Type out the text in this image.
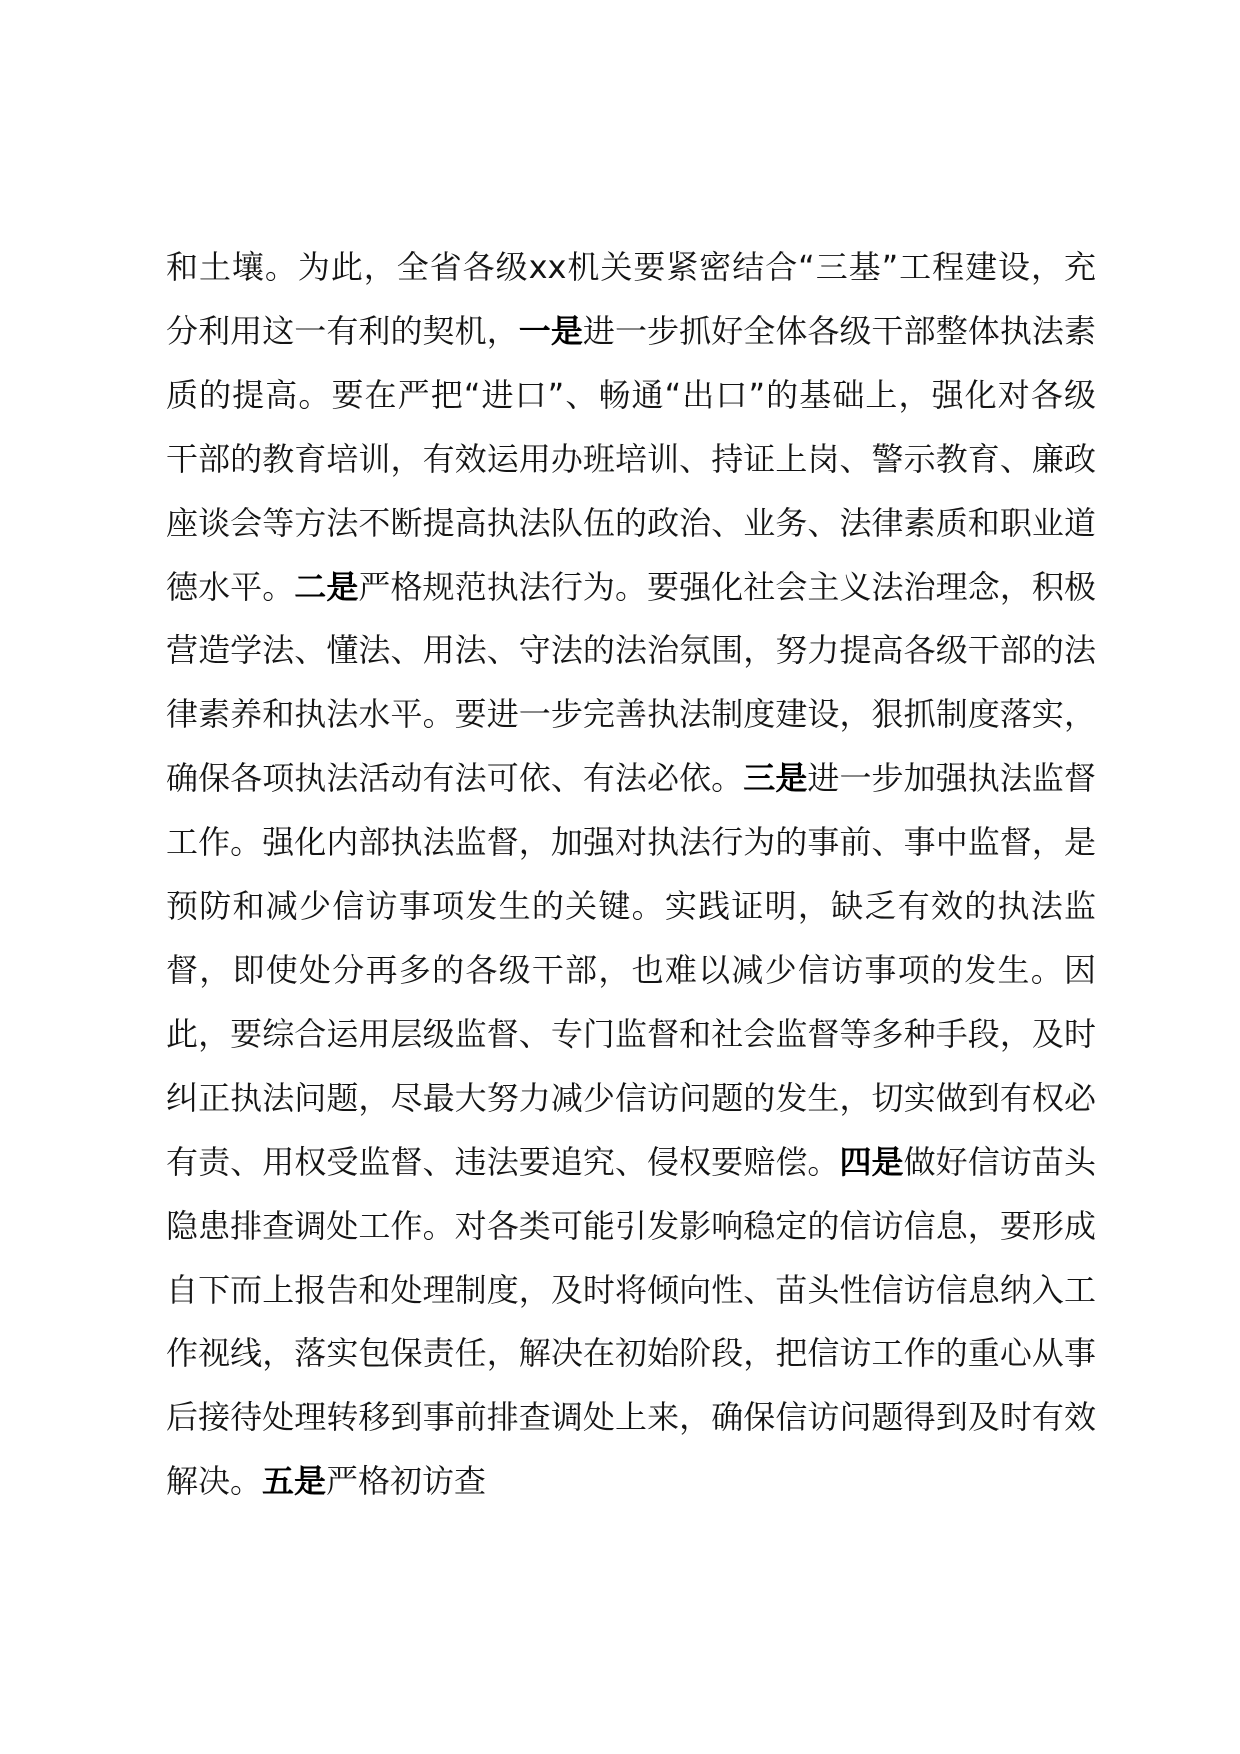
和土壤。为此，全省各级xx机关要紧密结合“三基”工程建设，充分利用这一有利的契机，一是进一步抓好全体各级干部整体执法素质的提高。要在严把“进口”、畅通“出口”的基础上，强化对各级干部的教育培训，有效运用办班培训、持证上岗、警示教育、廉政座谈会等方法不断提高执法队伍的政治、业务、法律素质和职业道德水平。二是严格规范执法行为。要强化社会主义法治理念，积极营造学法、懂法、用法、守法的法治氛围，努力提高各级干部的法律素养和执法水平。要进一步完善执法制度建设，狠抓制度落实，确保各项执法活动有法可依、有法必依。三是进一步加强执法监督工作。强化内部执法监督，加强对执法行为的事前、事中监督，是预防和减少信访事项发生的关键。实践证明，缺乏有效的执法监督，即使处分再多的各级干部，也难以减少信访事项的发生。因此，要综合运用层级监督、专门监督和社会监督等多种手段，及时纠正执法问题，尽最大努力减少信访问题的发生，切实做到有权必有责、用权受监督、违法要追究、侵权要赔偿。四是做好信访苗头隐患排查调处工作。对各类可能引发影响稳定的信访信息，要形成自下而上报告和处理制度，及时将倾向性、苗头性信访信息纳入工作视线，落实包保责任，解决在初始阶段，把信访工作的重心从事后接待处理转移到事前排查调处上来，确保信访问题得到及时有效解决。五是严格初访查
